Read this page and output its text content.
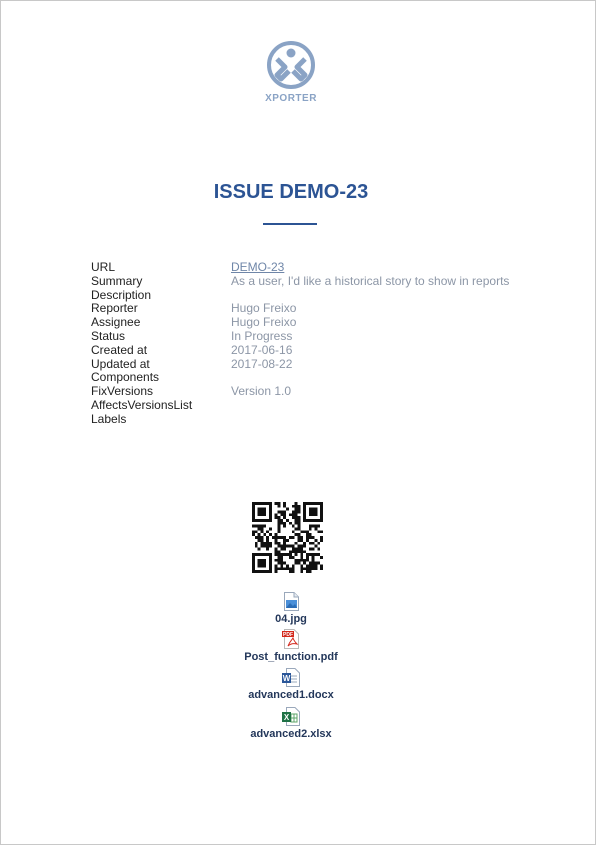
XPORTER
ISSUE DEMO-23
URL	DEMO-23
Summary	As a user, I'd like a historical story to show in reports
Description
Reporter	Hugo Freixo
Assignee	Hugo Freixo
Status	In Progress
Created at	2017-06-16
Updated at	2017-08-22
Components
FixVersions	Version 1.0
AffectsVersionsList
Labels
04.jpg
PDF
Post_function.pdf
W
advanced1.docx
X
advanced2.xlsx
